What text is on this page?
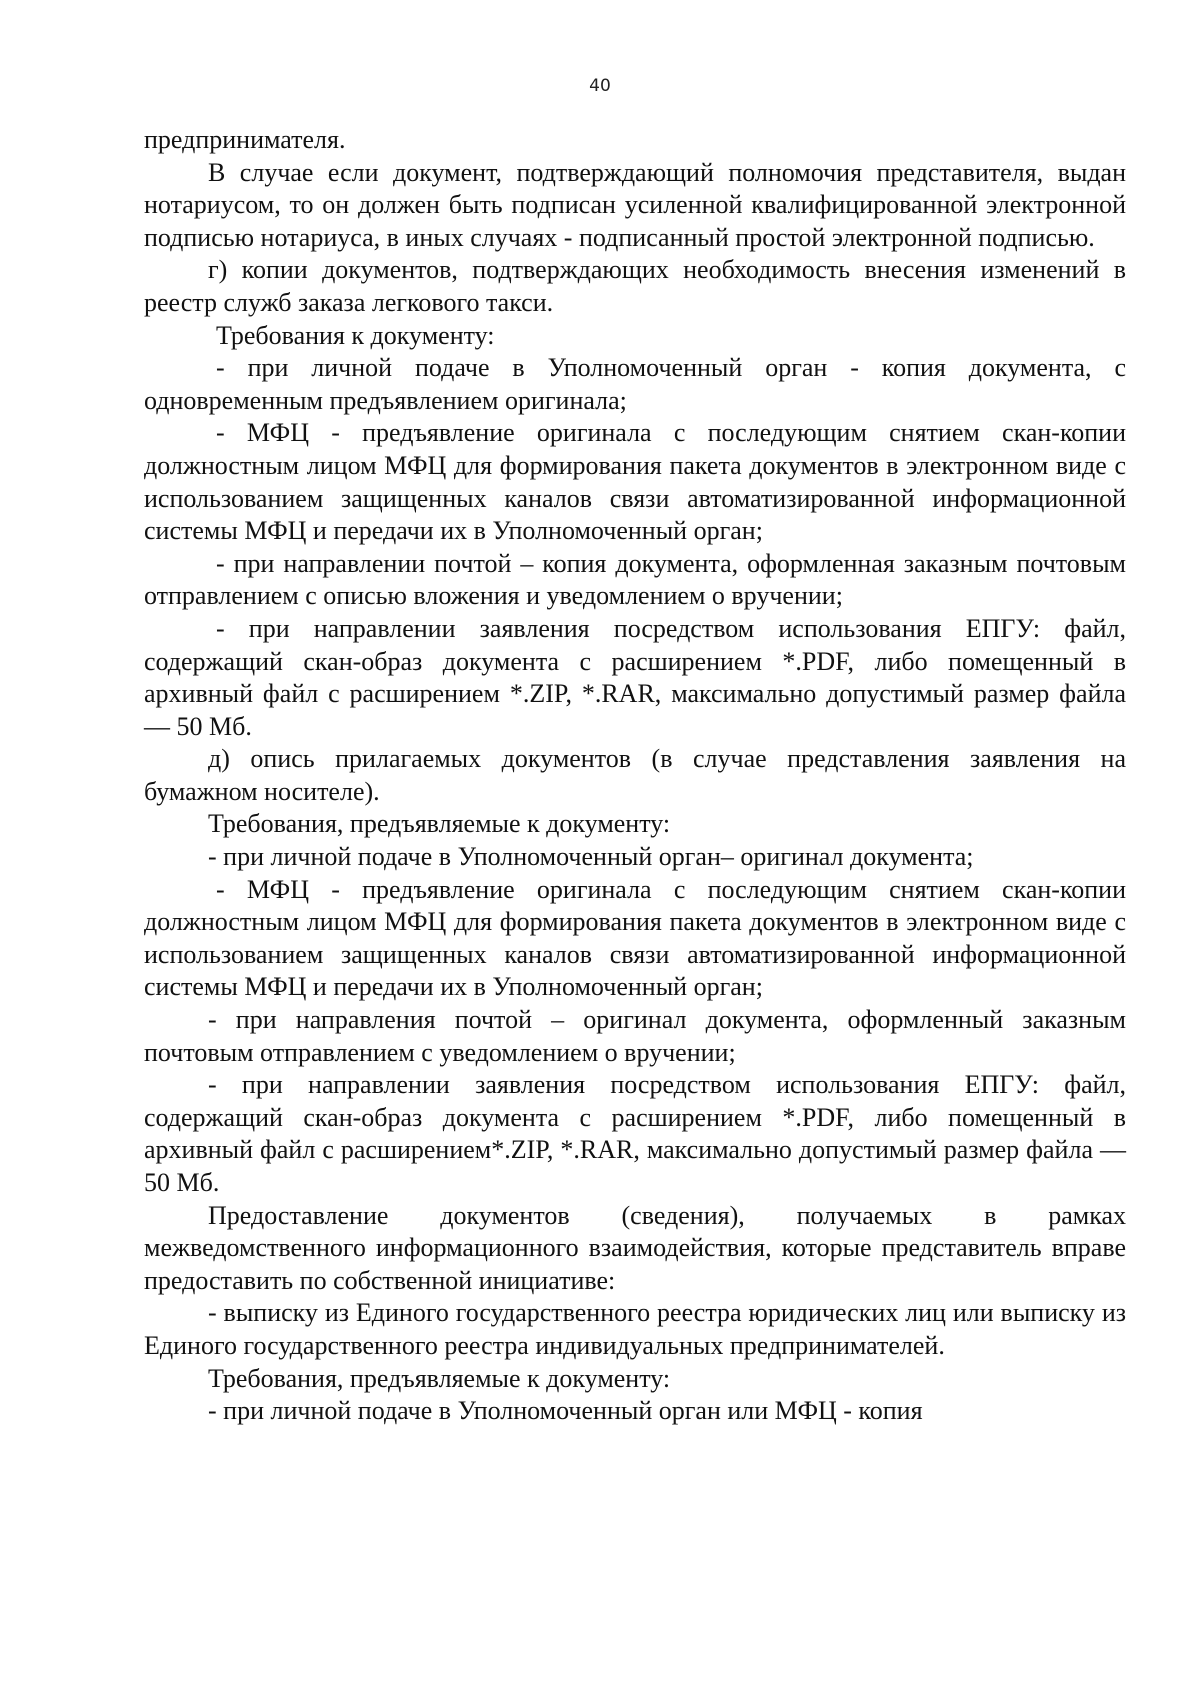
40

предпринимателя.

В случае если документ, подтверждающий полномочия представителя, выдан нотариусом, то он должен быть подписан усиленной квалифицированной электронной подписью нотариуса, в иных случаях - подписанный простой электронной подписью.

г) копии документов, подтверждающих необходимость внесения изменений в реестр служб заказа легкового такси.

Требования к документу:

- при личной подаче в Уполномоченный орган - копия документа, с одновременным предъявлением оригинала;

- МФЦ - предъявление оригинала с последующим снятием скан-копии должностным лицом МФЦ для формирования пакета документов в электронном виде с использованием защищенных каналов связи автоматизированной информационной системы МФЦ и передачи их в Уполномоченный орган;

- при направлении почтой – копия документа, оформленная заказным почтовым отправлением с описью вложения и уведомлением о вручении;

- при направлении заявления посредством использования ЕПГУ: файл, содержащий скан-образ документа с расширением *.PDF, либо помещенный в архивный файл с расширением *.ZIP, *.RAR, максимально допустимый размер файла — 50 Мб.

д) опись прилагаемых документов (в случае представления заявления на бумажном носителе).

Требования, предъявляемые к документу:

- при личной подаче в Уполномоченный орган– оригинал документа;

- МФЦ - предъявление оригинала с последующим снятием скан-копии должностным лицом МФЦ для формирования пакета документов в электронном виде с использованием защищенных каналов связи автоматизированной информационной системы МФЦ и передачи их в Уполномоченный орган;

- при направления почтой – оригинал документа, оформленный заказным почтовым отправлением с уведомлением о вручении;

- при направлении заявления посредством использования ЕПГУ: файл, содержащий скан-образ документа с расширением *.PDF, либо помещенный в архивный файл с расширением*.ZIP, *.RAR, максимально допустимый размер файла — 50 Мб.

Предоставление документов (сведения), получаемых в рамках межведомственного информационного взаимодействия, которые представитель вправе предоставить по собственной инициативе:

- выписку из Единого государственного реестра юридических лиц или выписку из Единого государственного реестра индивидуальных предпринимателей.

Требования, предъявляемые к документу:

- при личной подаче в Уполномоченный орган или МФЦ - копия
